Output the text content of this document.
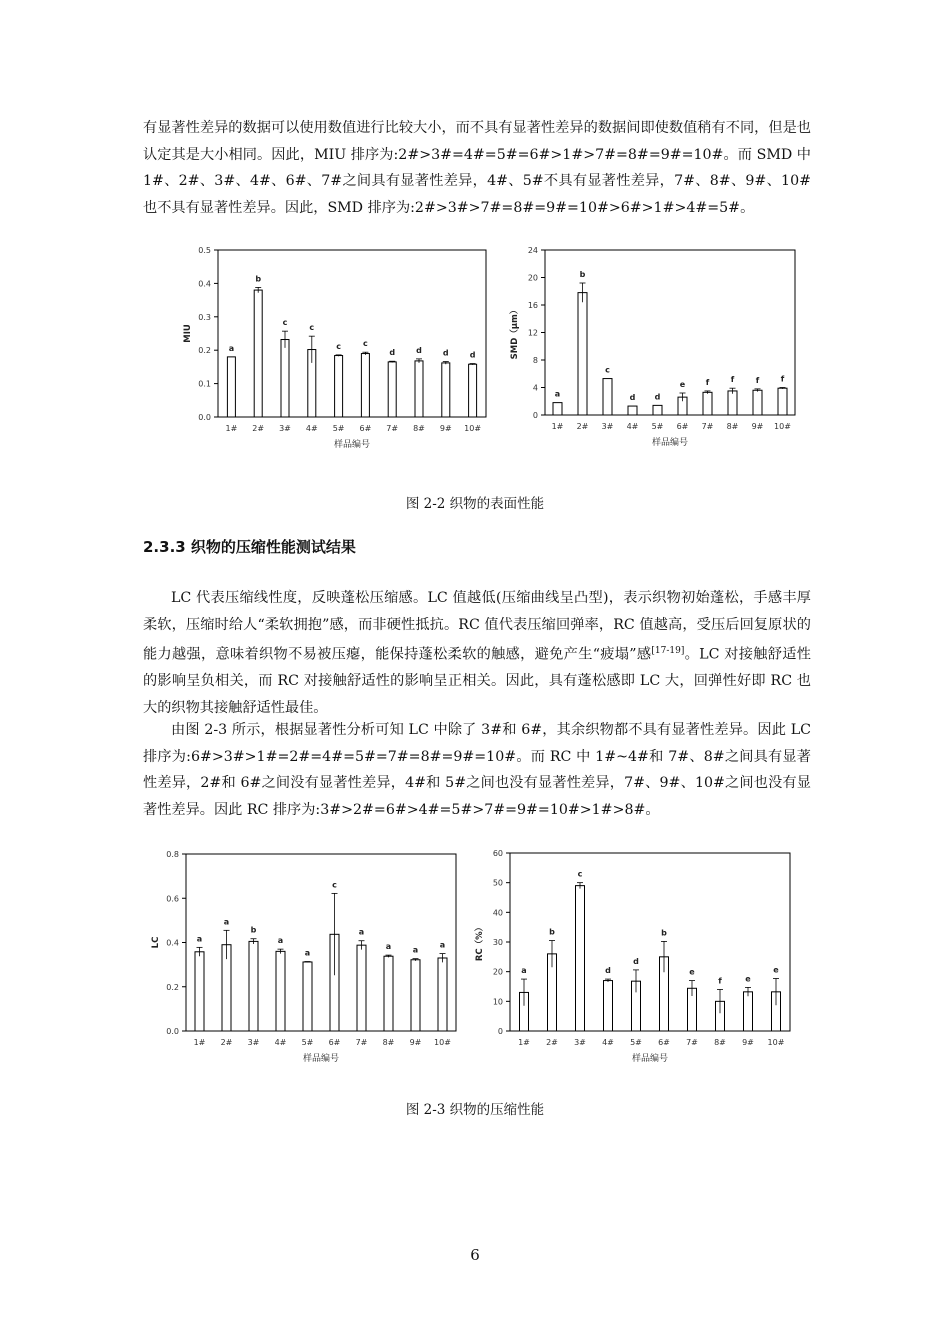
有显著性差异的数据可以使用数值进行比较大小，而不具有显著性差异的数据间即使数值稍有不同，但是也认定其是大小相同。因此，MIU 排序为:2#>3#=4#=5#=6#>1#>7#=8#=9#=10#。而 SMD 中 1#、2#、3#、4#、6#、7#之间具有显著性差异，4#、5#不具有显著性差异，7#、8#、9#、10#也不具有显著性差异。因此，SMD 排序为:2#>3#>7#=8#=9#=10#>6#>1#>4#=5#。

0.0
0.1
0.2
0.3
0.4
0.5
MIU
a
1#
b
2#
c
3#
c
4#
c
5#
c
6#
d
7#
d
8#
d
9#
d
10#
样品编号
0
4
8
12
16
20
24
SMD（μm）
a
1#
b
2#
c
3#
d
4#
d
5#
e
6#
f
7#
f
8#
f
9#
f
10#
样品编号

图 2-2 织物的表面性能

2.3.3 织物的压缩性能测试结果

LC 代表压缩线性度，反映蓬松压缩感。LC 值越低(压缩曲线呈凸型)，表示织物初始蓬松，手感丰厚柔软，压缩时给人“柔软拥抱”感，而非硬性抵抗。RC 值代表压缩回弹率，RC 值越高，受压后回复原状的能力越强，意味着织物不易被压瘪，能保持蓬松柔软的触感，避免产生“疲塌”感[17-19]。LC 对接触舒适性的影响呈负相关，而 RC 对接触舒适性的影响呈正相关。因此，具有蓬松感即 LC 大，回弹性好即 RC 也大的织物其接触舒适性最佳。

由图 2-3 所示，根据显著性分析可知 LC 中除了 3#和 6#，其余织物都不具有显著性差异。因此 LC 排序为:6#>3#>1#=2#=4#=5#=7#=8#=9#=10#。而 RC 中 1#~4#和 7#、8#之间具有显著性差异，2#和 6#之间没有显著性差异，4#和 5#之间也没有显著性差异，7#、9#、10#之间也没有显著性差异。因此 RC 排序为:3#>2#=6#>4#=5#>7#=9#=10#>1#>8#。

0.0
0.2
0.4
0.6
0.8
LC	a
1#
a
2#
b
3#
a
4#
a
5#
c
6#
a
7#
a
8#
a
9#
a
10#
样品编号
0
10
20
30
40
50
60
RC（%）
a
1#
b
2#
c
3#
d
4#
d
5#
b
6#
e
7#
f
8#
e
9#
e
10#
样品编号

图 2-3 织物的压缩性能

6
